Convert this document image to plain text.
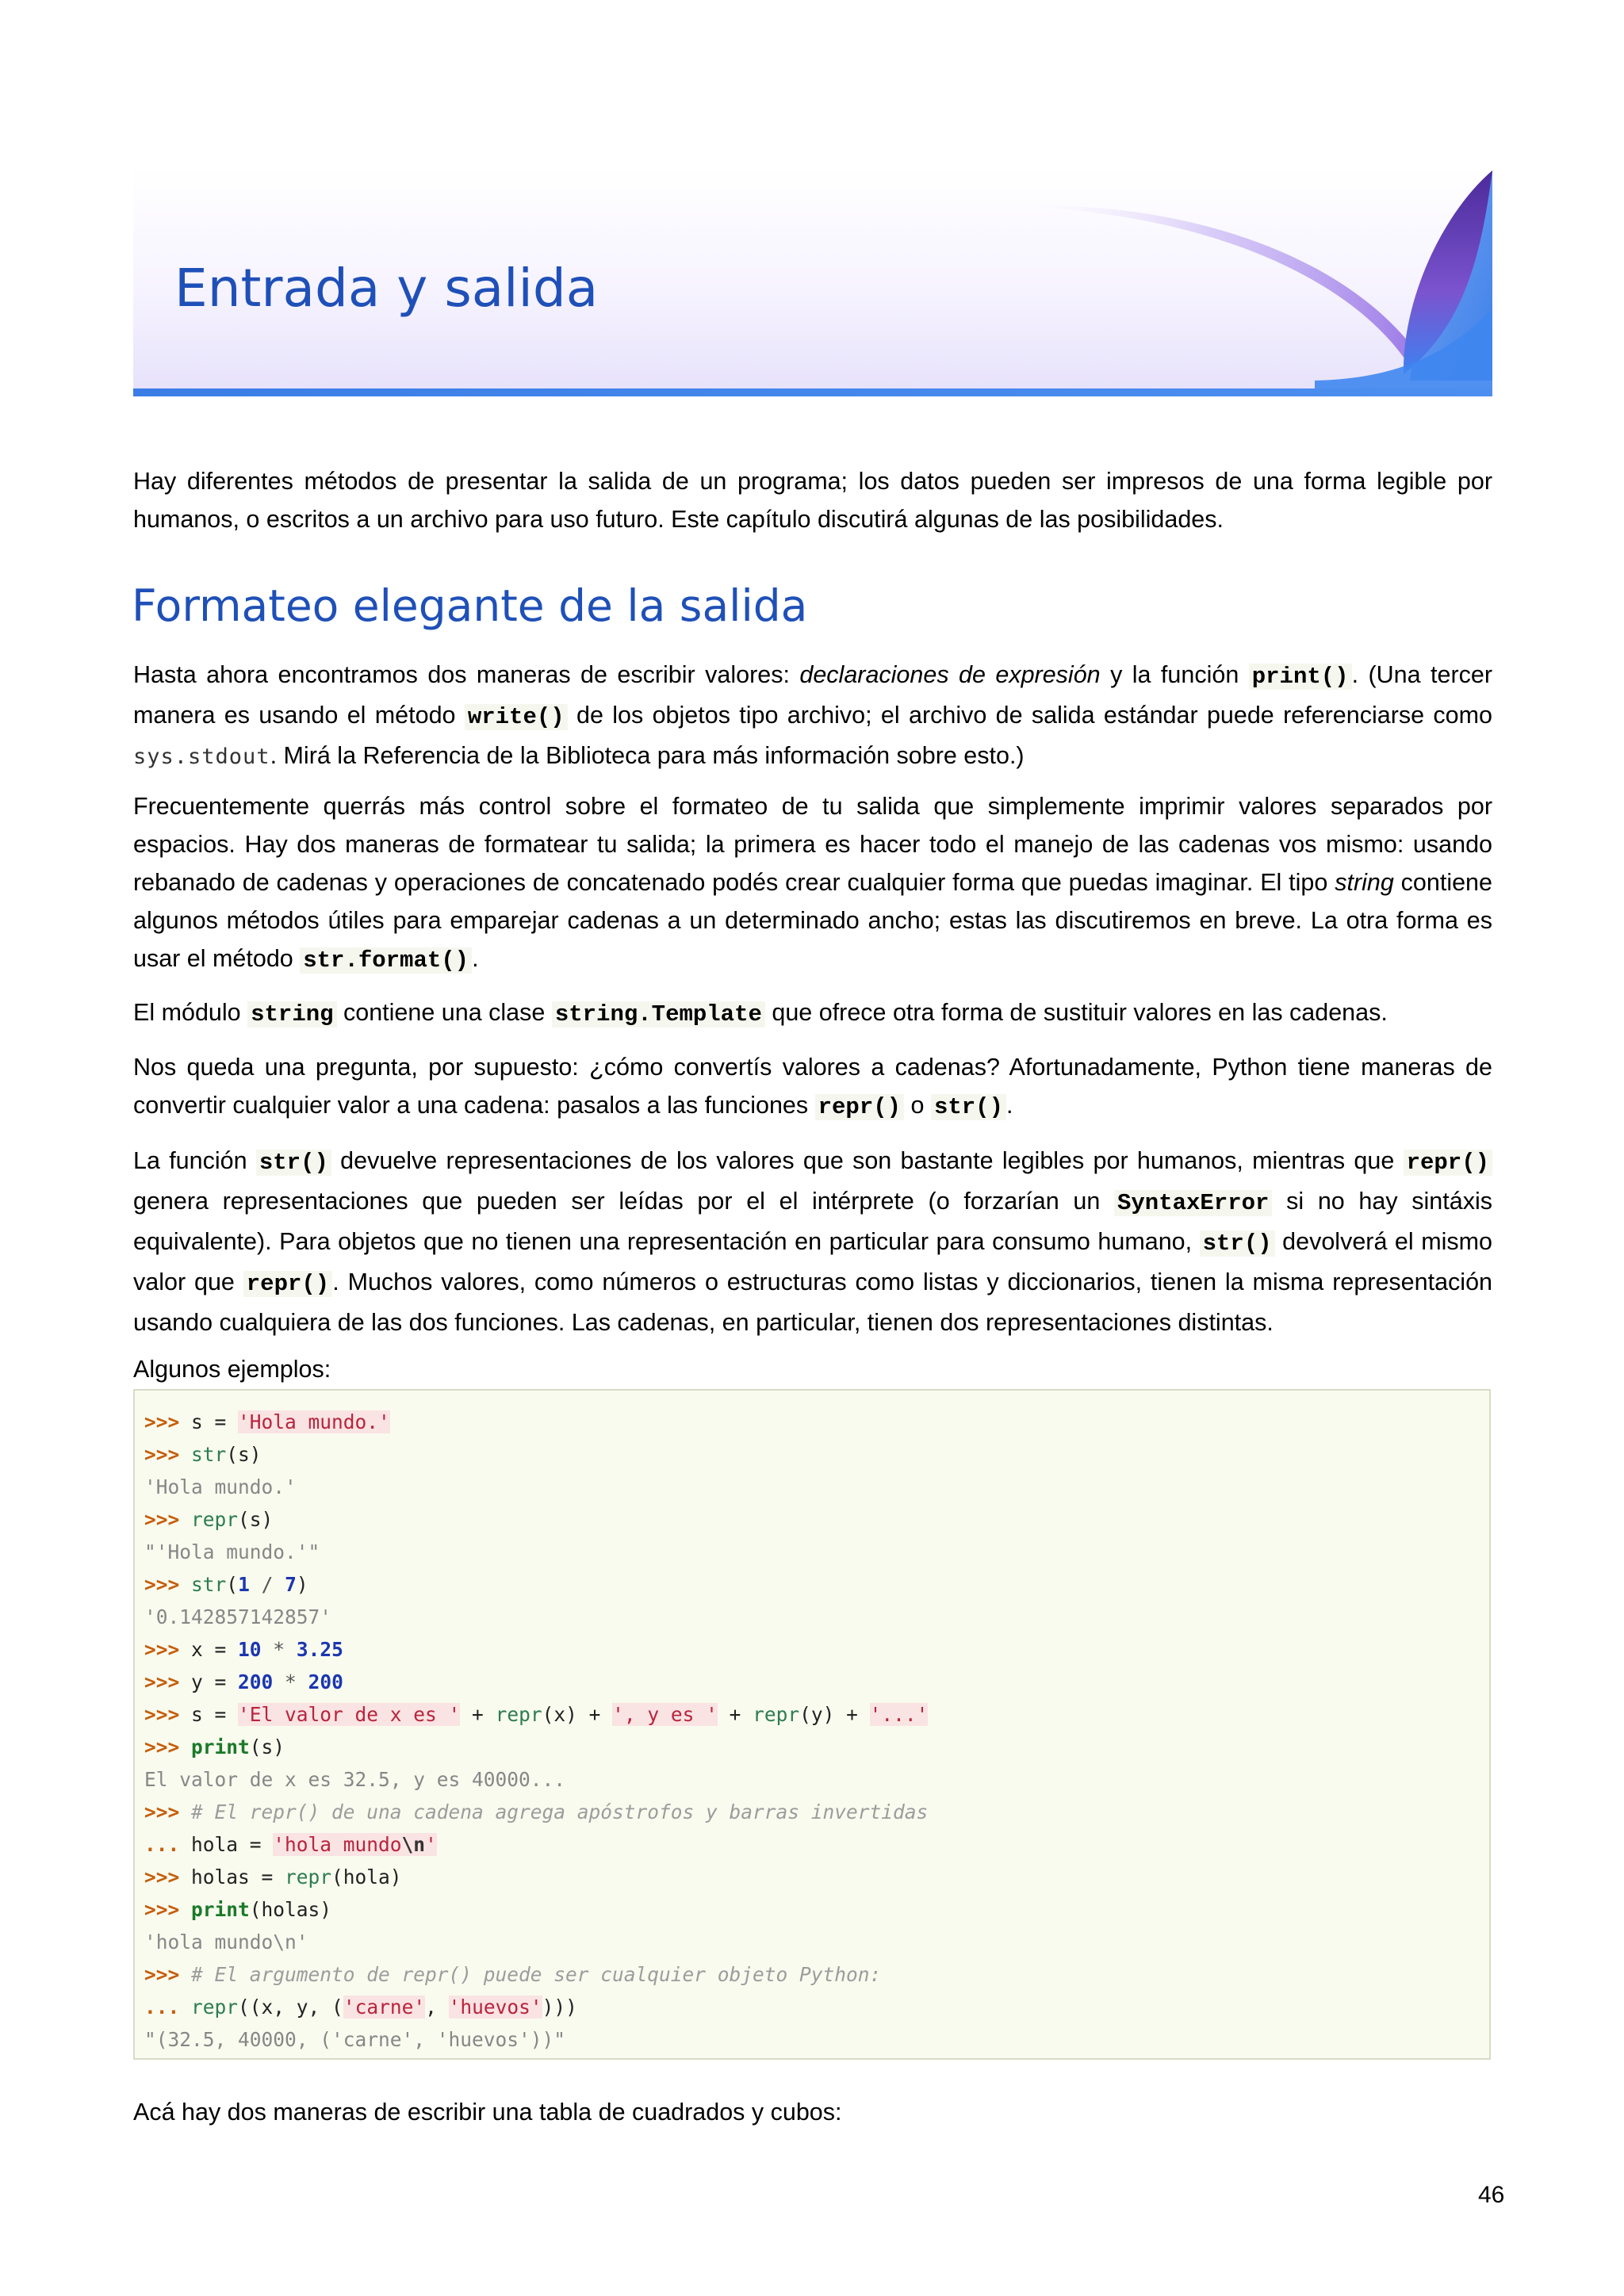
Entrada y salida

Hay diferentes métodos de presentar la salida de un programa; los datos pueden ser impresos de una forma legible por humanos, o escritos a un archivo para uso futuro. Este capítulo discutirá algunas de las posibilidades.

Formateo elegante de la salida

Hasta ahora encontramos dos maneras de escribir valores: declaraciones de expresión y la función print() . (Una tercer manera es usando el método write() de los objetos tipo archivo; el archivo de salida estándar puede referenciarse como sys.stdout. Mirá la Referencia de la Biblioteca para más información sobre esto.)

Frecuentemente querrás más control sobre el formateo de tu salida que simplemente imprimir valores separados por espacios. Hay dos maneras de formatear tu salida; la primera es hacer todo el manejo de las cadenas vos mismo: usando rebanado de cadenas y operaciones de concatenado podés crear cualquier forma que puedas imaginar. El tipo string contiene algunos métodos útiles para emparejar cadenas a un determinado ancho; estas las discutiremos en breve. La otra forma es usar el método str.format() .

El módulo string contiene una clase string.Template que ofrece otra forma de sustituir valores en las cadenas.

Nos queda una pregunta, por supuesto: ¿cómo convertís valores a cadenas? Afortunadamente, Python tiene maneras de convertir cualquier valor a una cadena: pasalos a las funciones repr() o str() .

La función str() devuelve representaciones de los valores que son bastante legibles por humanos, mientras que repr() genera representaciones que pueden ser leídas por el el intérprete (o forzarían un SyntaxError si no hay sintáxis equivalente). Para objetos que no tienen una representación en particular para consumo humano, str() devolverá el mismo valor que repr() . Muchos valores, como números o estructuras como listas y diccionarios, tienen la misma representación usando cualquiera de las dos funciones. Las cadenas, en particular, tienen dos representaciones distintas.

Algunos ejemplos:

>>> s = 'Hola mundo.'
>>> str(s)
'Hola mundo.'
>>> repr(s)
"'Hola mundo.'"
>>> str(1 / 7)
'0.142857142857'
>>> x = 10 * 3.25
>>> y = 200 * 200
>>> s = 'El valor de x es ' + repr(x) + ', y es ' + repr(y) + '...'
>>> print(s)
El valor de x es 32.5, y es 40000...
>>> # El repr() de una cadena agrega apóstrofos y barras invertidas
... hola = 'hola mundo\n'
>>> holas = repr(hola)
>>> print(holas)
'hola mundo\n'
>>> # El argumento de repr() puede ser cualquier objeto Python:
... repr((x, y, ('carne', 'huevos')))
"(32.5, 40000, ('carne', 'huevos'))"

Acá hay dos maneras de escribir una tabla de cuadrados y cubos:

46
